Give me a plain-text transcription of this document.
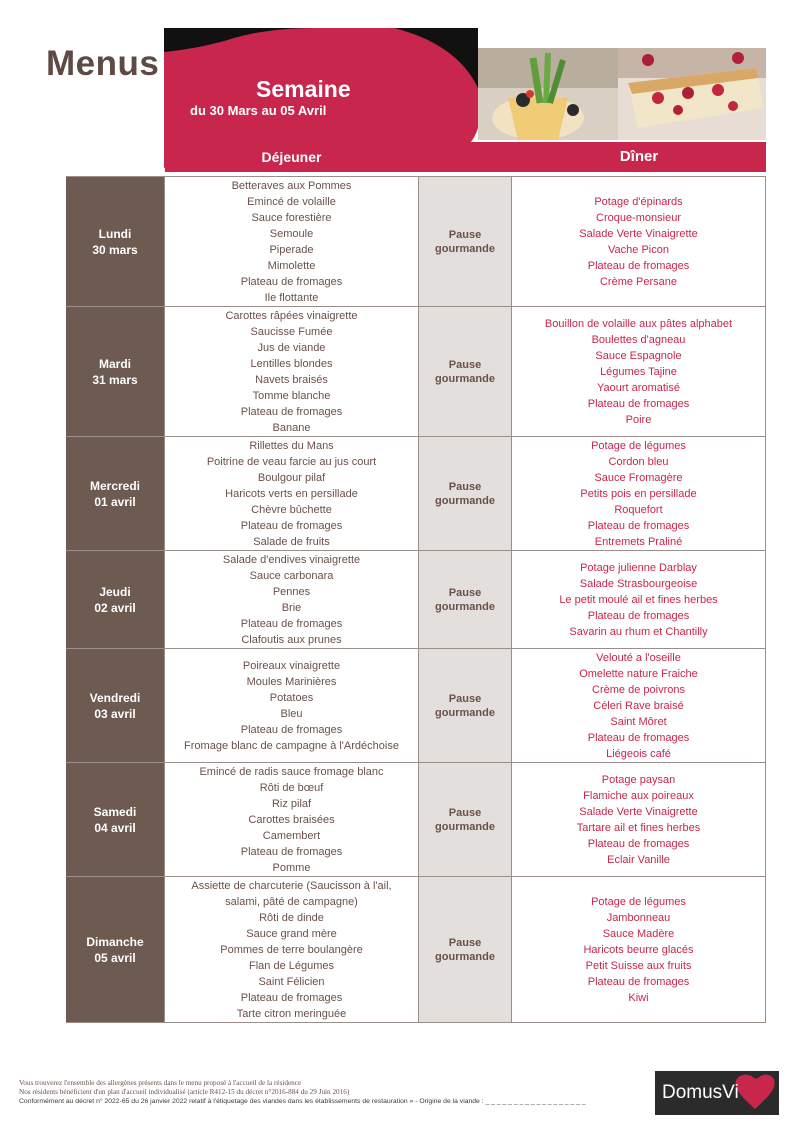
Menus
Semaine
du 30 Mars au 05 Avril
Déjeuner	Dîner
Lundi
30 mars
Betteraves aux Pommes
Emincé de volaille
Sauce forestière
Semoule
Piperade
Mimolette
Plateau de fromages
Ile flottante
Pause
gourmande
Potage d'épinards
Croque-monsieur
Salade Verte Vinaigrette
Vache Picon
Plateau de fromages
Crème Persane
Mardi
31 mars
Carottes râpées vinaigrette
Saucisse Fumée
Jus de viande
Lentilles blondes
Navets braisés
Tomme blanche
Plateau de fromages
Banane
Pause
gourmande
Bouillon de volaille aux pâtes alphabet
Boulettes d'agneau
Sauce Espagnole
Légumes Tajine
Yaourt aromatisé
Plateau de fromages
Poire
Mercredi
01 avril
Rillettes du Mans
Poitrine de veau farcie au jus court
Boulgour pilaf
Haricots verts en persillade
Chèvre bûchette
Plateau de fromages
Salade de fruits
Pause
gourmande
Potage de légumes
Cordon bleu
Sauce Fromagère
Petits pois en persillade
Roquefort
Plateau de fromages
Entremets Praliné
Jeudi
02 avril
Salade d'endives vinaigrette
Sauce carbonara
Pennes
Brie
Plateau de fromages
Clafoutis aux prunes
Pause
gourmande
Potage julienne Darblay
Salade Strasbourgeoise
Le petit moulé ail et fines herbes
Plateau de fromages
Savarin au rhum et Chantilly
Vendredi
03 avril
Poireaux vinaigrette
Moules Marinières
Potatoes
Bleu
Plateau de fromages
Fromage blanc de campagne à l'Ardéchoise
Pause
gourmande
Velouté a l'oseille
Omelette nature Fraiche
Crème de poivrons
Céleri Rave braisé
Saint Môret
Plateau de fromages
Liégeois café
Samedi
04 avril
Emincé de radis sauce fromage blanc
Rôti de bœuf
Riz pilaf
Carottes braisées
Camembert
Plateau de fromages
Pomme
Pause
gourmande
Potage paysan
Flamiche aux poireaux
Salade Verte Vinaigrette
Tartare ail et fines herbes
Plateau de fromages
Eclair Vanille
Dimanche
05 avril
Assiette de charcuterie (Saucisson à l'ail,
salami, pâté de campagne)
Rôti de dinde
Sauce grand mère
Pommes de terre boulangère
Flan de Légumes
Saint Félicien
Plateau de fromages
Tarte citron meringuée
Pause
gourmande
Potage de légumes
Jambonneau
Sauce Madère
Haricots beurre glacés
Petit Suisse aux fruits
Plateau de fromages
Kiwi
Vous trouverez l'ensemble des allergènes présents dans le menu proposé à l'accueil de la résidence
Nos résidents bénéficient d'un plan d'accueil individualisé (article R412-15 du décret n°2016-884 du 29 Juin 2016)
Conformément au décret n° 2022-65 du 26 janvier 2022 relatif à l'étiquetage des viandes dans les établissements de restauration » - Origine de la viande : _ _ _ _ _ _ _ _ _ _ _ _ _ _ _ _ _ _	DomusVi
